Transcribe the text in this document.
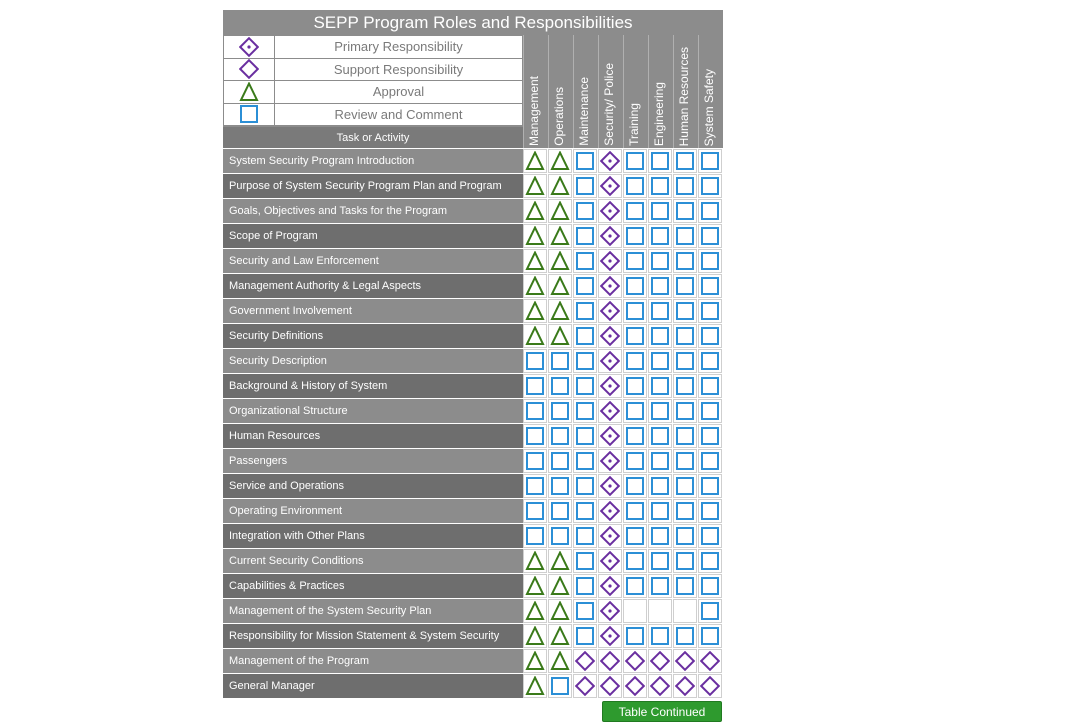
SEPP Program Roles and Responsibilities
Primary Responsibility
Support Responsibility
Approval
Review and Comment
Task or Activity	Management Operations Maintenance Security/ Police Training Engineering Human Resources System Safety
System Security Program Introduction
Purpose of System Security Program Plan and Program
Goals, Objectives and Tasks for the Program
Scope of Program
Security and Law Enforcement
Management Authority & Legal Aspects
Government Involvement
Security Definitions
Security Description
Background & History of System
Organizational Structure
Human Resources
Passengers
Service and Operations
Operating Environment
Integration with Other Plans
Current Security Conditions
Capabilities & Practices
Management of the System Security Plan
Responsibility for Mission Statement & System Security
Management of the Program
General Manager
Table Continued
